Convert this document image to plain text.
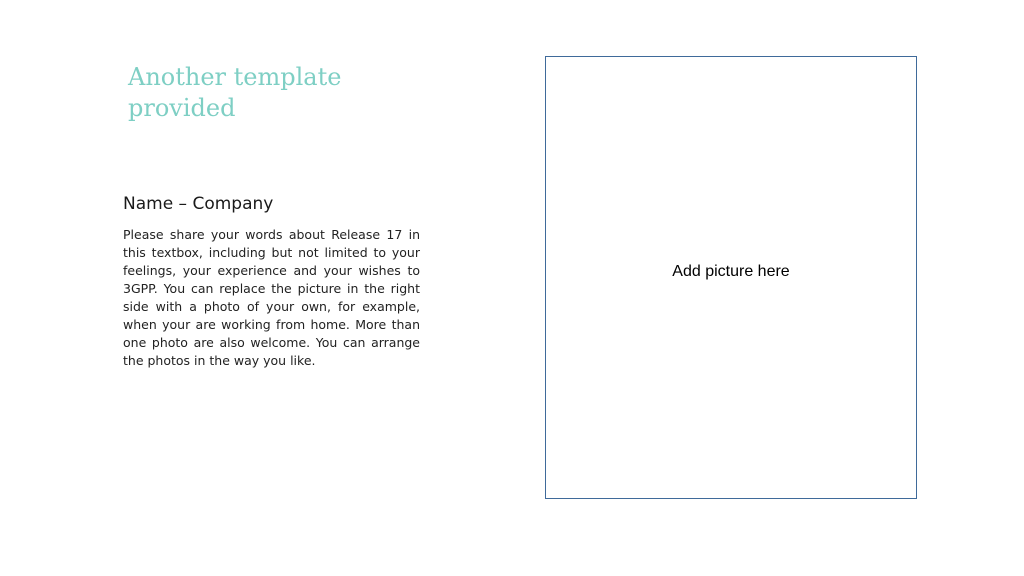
Another template provided
Name – Company

Please share your words about Release 17 in this textbox, including but not limited to your feelings, your experience and your wishes to 3GPP. You can replace the picture in the right side with a photo of your own, for example, when your are working from home. More than one photo are also welcome. You can arrange the photos in the way you like.

Add picture here
